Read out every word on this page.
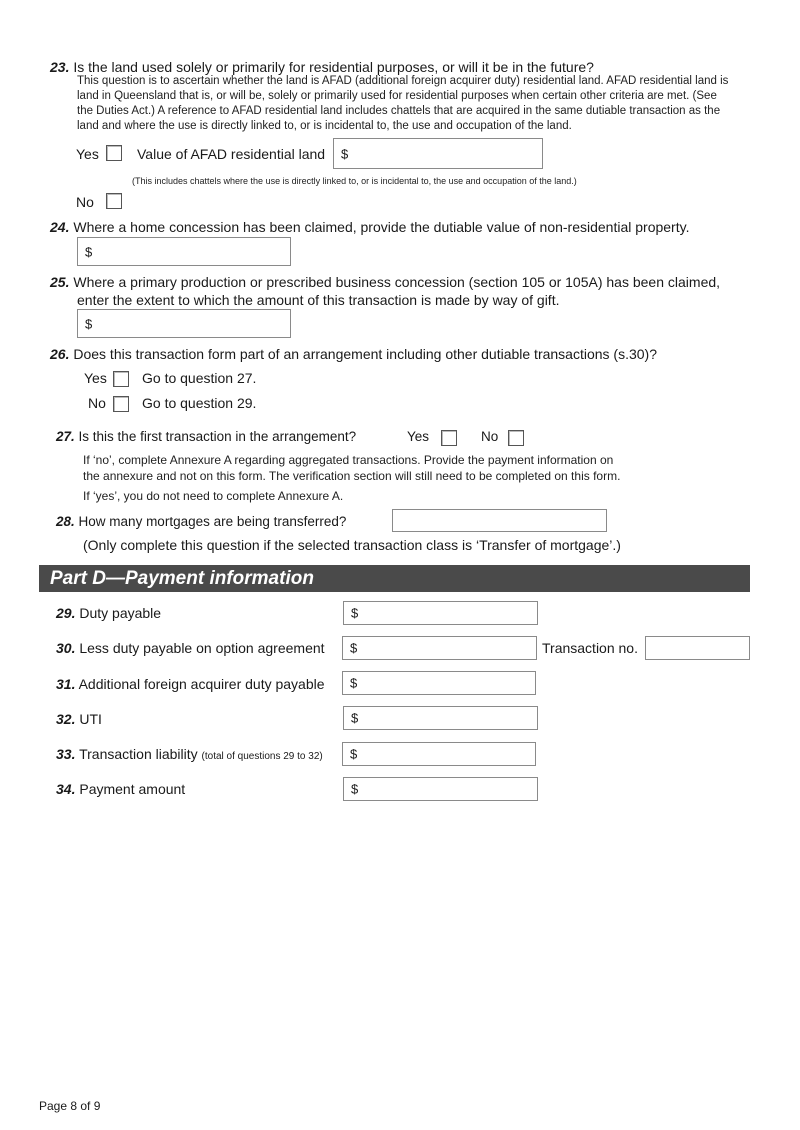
23. Is the land used solely or primarily for residential purposes, or will it be in the future?
This question is to ascertain whether the land is AFAD (additional foreign acquirer duty) residential land. AFAD residential land is
land in Queensland that is, or will be, solely or primarily used for residential purposes when certain other criteria are met. (See
the Duties Act.) A reference to AFAD residential land includes chattels that are acquired in the same dutiable transaction as the
land and where the use is directly linked to, or is incidental to, the use and occupation of the land.
Yes	Value of AFAD residential land $
(This includes chattels where the use is directly linked to, or is incidental to, the use and occupation of the land.)
No
24. Where a home concession has been claimed, provide the dutiable value of non-residential property.
$
25. Where a primary production or prescribed business concession (section 105 or 105A) has been claimed,
enter the extent to which the amount of this transaction is made by way of gift.
$
26. Does this transaction form part of an arrangement including other dutiable transactions (s.30)?
Yes	Go to question 27.
No	Go to question 29.
27. Is this the first transaction in the arrangement?	Yes	No
If ‘no’, complete Annexure A regarding aggregated transactions. Provide the payment information on
the annexure and not on this form. The verification section will still need to be completed on this form.
If ‘yes’, you do not need to complete Annexure A.
28. How many mortgages are being transferred?
(Only complete this question if the selected transaction class is ‘Transfer of mortgage’.)
Part D—Payment information
29. Duty payable	$
30. Less duty payable on option agreement $	Transaction no.
31. Additional foreign acquirer duty payable $
32. UTI	$
33. Transaction liability (total of questions 29 to 32) $
34. Payment amount	$
Page 8 of 9
